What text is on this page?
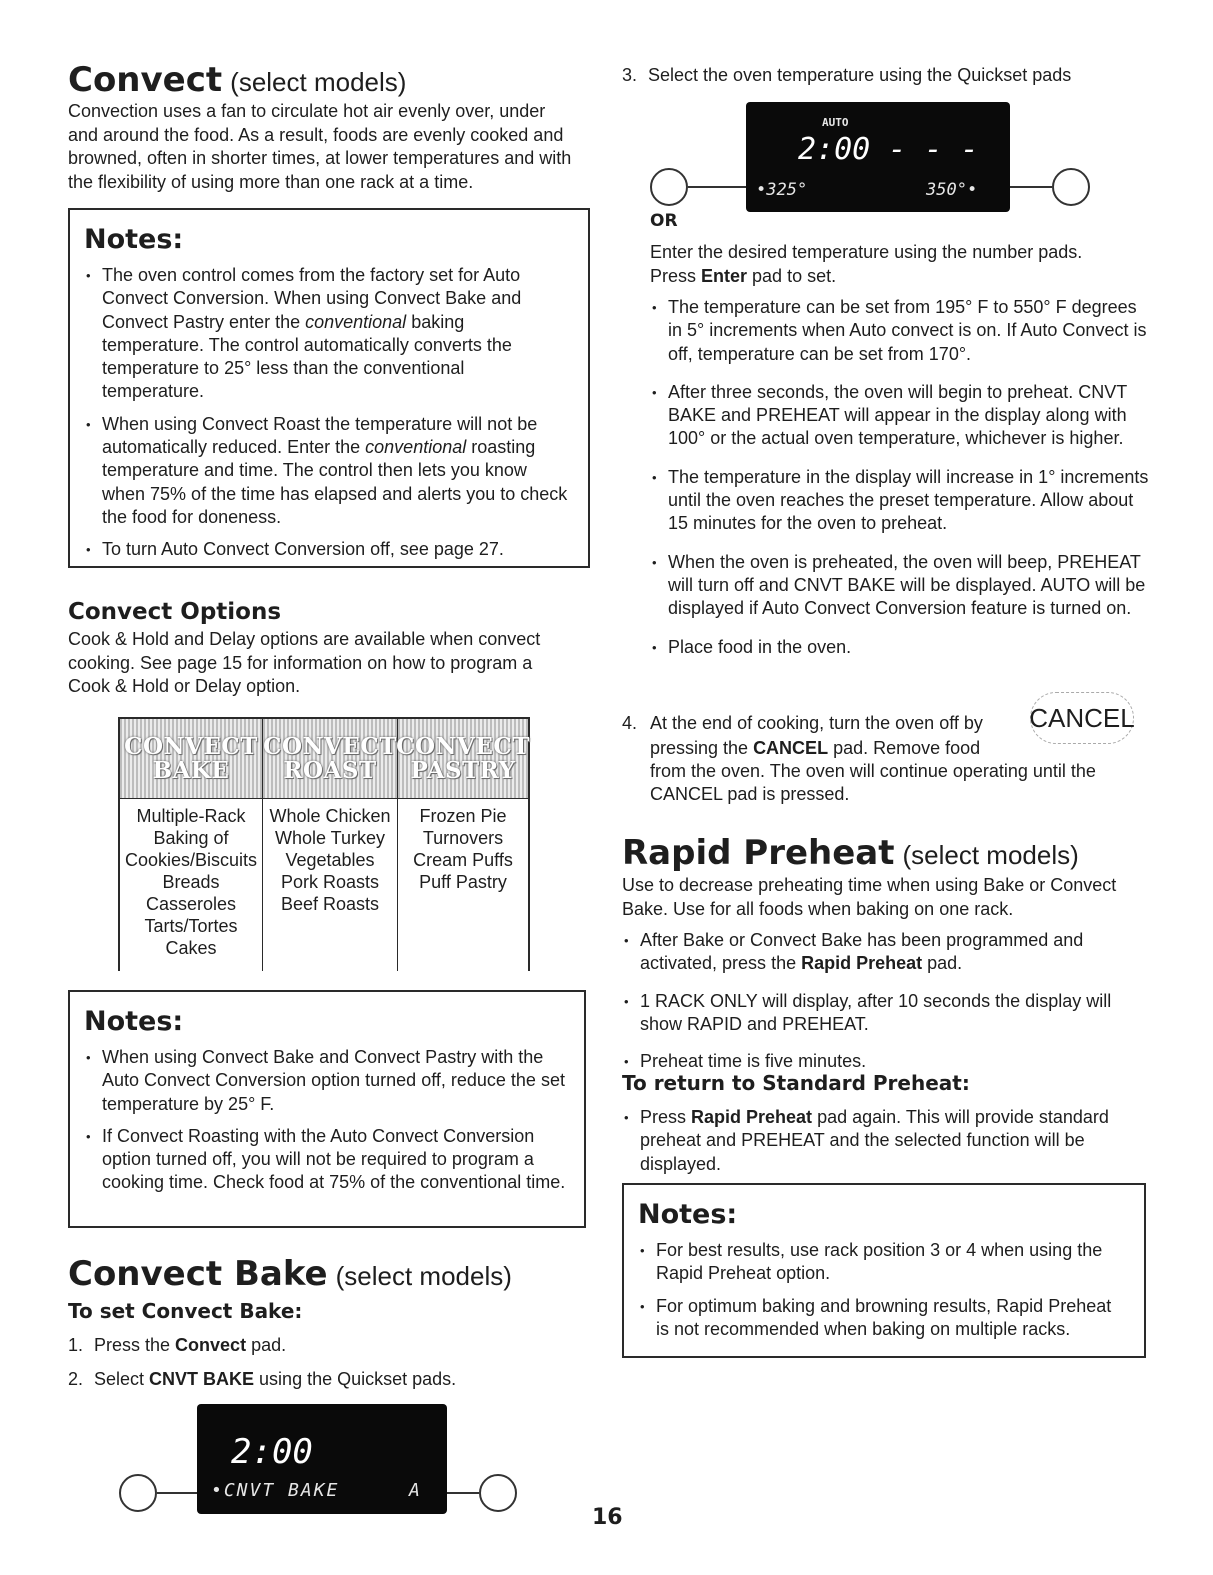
Convect (select models)

Convection uses a fan to circulate hot air evenly over, under and around the food. As a result, foods are evenly cooked and browned, often in shorter times, at lower temperatures and with the flexibility of using more than one rack at a time.

Notes:
• The oven control comes from the factory set for Auto Convect Conversion. When using Convect Bake and Convect Pastry enter the conventional baking temperature. The control automatically converts the temperature to 25° less than the conventional temperature.
• When using Convect Roast the temperature will not be automatically reduced. Enter the conventional roasting temperature and time. The control then lets you know when 75% of the time has elapsed and alerts you to check the food for doneness.
• To turn Auto Convect Conversion off, see page 27.
Convect Options

Cook & Hold and Delay options are available when convect cooking. See page 15 for information on how to program a Cook & Hold or Delay option.

CONVECT
BAKE
Multiple-Rack
Baking of
Cookies/Biscuits
Breads
Casseroles
Tarts/Tortes
Cakes
CONVECT
ROAST
Whole Chicken
Whole Turkey
Vegetables
Pork Roasts
Beef Roasts
CONVECT
PASTRY
Frozen Pie
Turnovers
Cream Puffs
Puff Pastry
Notes:
• When using Convect Bake and Convect Pastry with the Auto Convect Conversion option turned off, reduce the set temperature by 25° F.
• If Convect Roasting with the Auto Convect Conversion option turned off, you will not be required to program a cooking time. Check food at 75% of the conventional time.
Convect Bake (select models)
To set Convect Bake:

1. Press the Convect pad.

2. Select CNVT BAKE using the Quickset pads.

2:00
•CNVT BAKE	A
16

3. Select the oven temperature using the Quickset pads

AUTO
2:00 - - -
•325°	350°•
OR

Enter the desired temperature using the number pads. Press Enter pad to set.

• The temperature can be set from 195° F to 550° F degrees in 5° increments when Auto convect is on. If Auto Convect is off, temperature can be set from 170°.
• After three seconds, the oven will begin to preheat. CNVT BAKE and PREHEAT will appear in the display along with 100° or the actual oven temperature, whichever is higher.
• The temperature in the display will increase in 1° increments until the oven reaches the preset temperature. Allow about 15 minutes for the oven to preheat.
• When the oven is preheated, the oven will beep, PREHEAT will turn off and CNVT BAKE will be displayed. AUTO will be displayed if Auto Convect Conversion feature is turned on.
• Place food in the oven.
CANCEL
4. At the end of cooking, turn the oven off by
pressing the CANCEL pad. Remove food
from the oven. The oven will continue operating until the
CANCEL pad is pressed.
Rapid Preheat (select models)

Use to decrease preheating time when using Bake or Convect Bake. Use for all foods when baking on one rack.

• After Bake or Convect Bake has been programmed and activated, press the Rapid Preheat pad.
• 1 RACK ONLY will display, after 10 seconds the display will show RAPID and PREHEAT.
• Preheat time is five minutes.
To return to Standard Preheat:
• Press Rapid Preheat pad again. This will provide standard preheat and PREHEAT and the selected function will be displayed.
Notes:
• For best results, use rack position 3 or 4 when using the Rapid Preheat option.
• For optimum baking and browning results, Rapid Preheat is not recommended when baking on multiple racks.
